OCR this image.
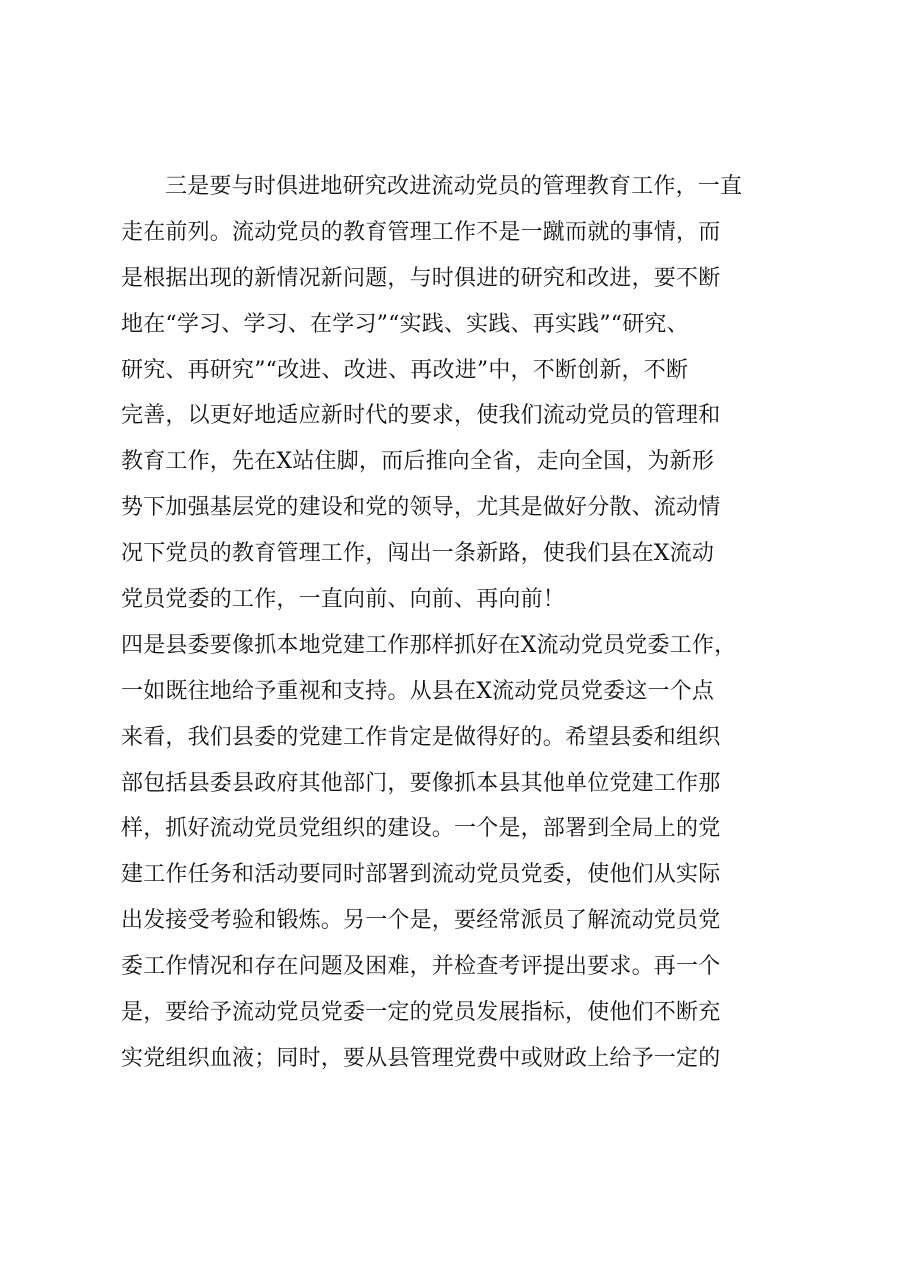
三是要与时俱进地研究改进流动党员的管理教育工作，一直
走在前列。流动党员的教育管理工作不是一蹴而就的事情，而
是根据出现的新情况新问题，与时俱进的研究和改进，要不断
地在“学习、学习、在学习”“实践、实践、再实践”“研究、
研究、再研究”“改进、改进、再改进”中，不断创新，不断
完善，以更好地适应新时代的要求，使我们流动党员的管理和
教育工作，先在X站住脚，而后推向全省，走向全国，为新形
势下加强基层党的建设和党的领导，尤其是做好分散、流动情
况下党员的教育管理工作，闯出一条新路，使我们县在X流动
党员党委的工作，一直向前、向前、再向前！
四是县委要像抓本地党建工作那样抓好在X流动党员党委工作，
一如既往地给予重视和支持。从县在X流动党员党委这一个点
来看，我们县委的党建工作肯定是做得好的。希望县委和组织
部包括县委县政府其他部门，要像抓本县其他单位党建工作那
样，抓好流动党员党组织的建设。一个是，部署到全局上的党
建工作任务和活动要同时部署到流动党员党委，使他们从实际
出发接受考验和锻炼。另一个是，要经常派员了解流动党员党
委工作情况和存在问题及困难，并检查考评提出要求。再一个
是，要给予流动党员党委一定的党员发展指标，使他们不断充
实党组织血液；同时，要从县管理党费中或财政上给予一定的
